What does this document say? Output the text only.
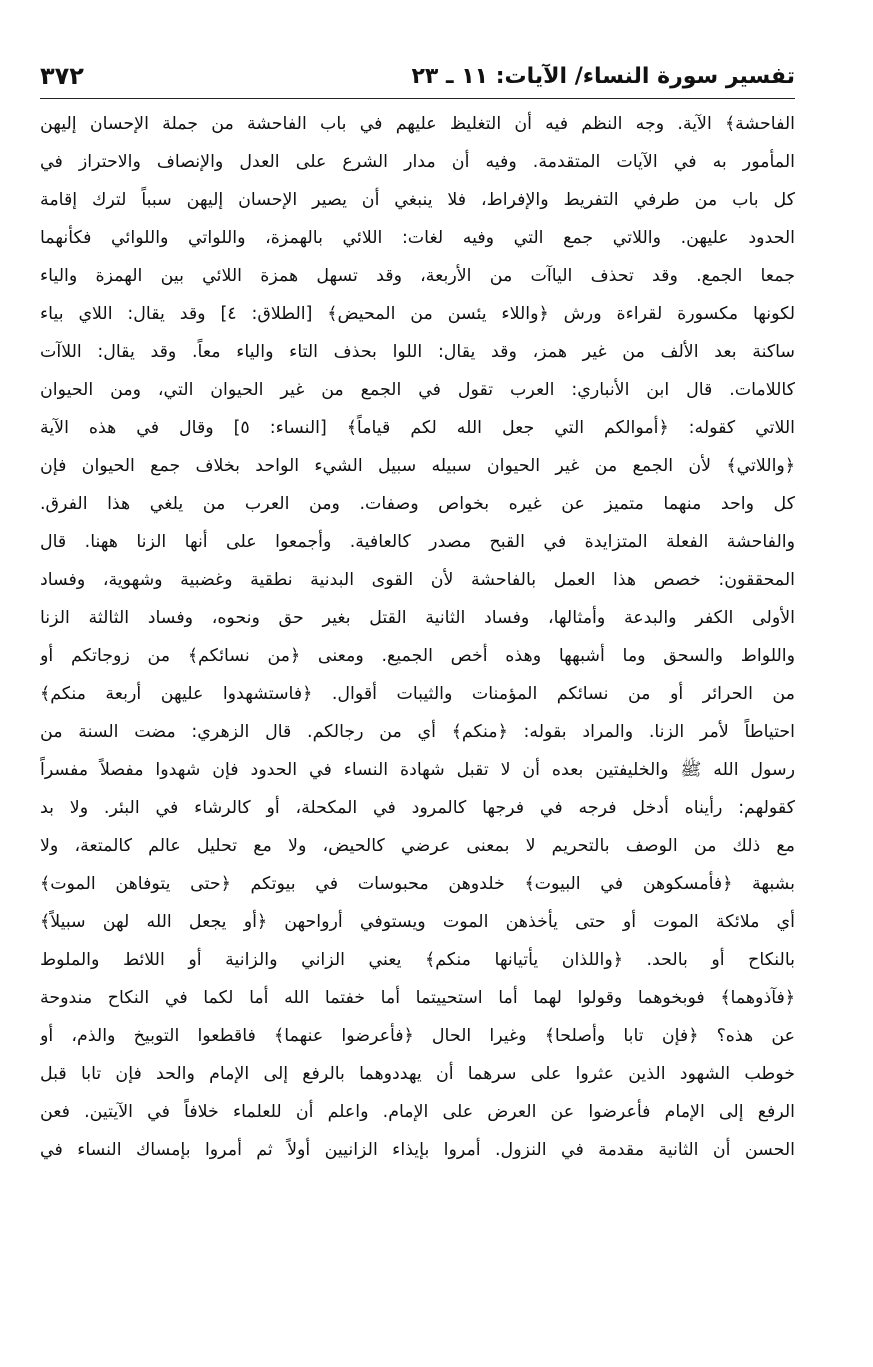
تفسير سورة النساء/ الآيات: ١١ ـ ٢٣
٣٧٢
الفاحشة﴾ الآية. وجه النظم فيه أن التغليظ عليهم في باب الفاحشة من جملة الإحسان إليهن
المأمور به في الآيات المتقدمة. وفيه أن مدار الشرع على العدل والإنصاف والاحتراز في
كل باب من طرفي التفريط والإفراط، فلا ينبغي أن يصير الإحسان إليهن سبباً لترك إقامة
الحدود عليهن. واللاتي جمع التي وفيه لغات: اللائي بالهمزة، واللواتي واللوائي فكأنهما
جمعا الجمع. وقد تحذف الياآت من الأربعة، وقد تسهل همزة اللائي بين الهمزة والياء
لكونها مكسورة لقراءة ورش ﴿واللاء يئسن من المحيض﴾ [الطلاق: ٤] وقد يقال: اللاي بياء
ساكنة بعد الألف من غير همز، وقد يقال: اللوا بحذف التاء والياء معاً. وقد يقال: اللاآت
كاللامات. قال ابن الأنباري: العرب تقول في الجمع من غير الحيوان التي، ومن الحيوان
اللاتي كقوله: ﴿أموالكم التي جعل الله لكم قياماً﴾ [النساء: ٥] وقال في هذه الآية
﴿واللاتي﴾ لأن الجمع من غير الحيوان سبيله سبيل الشيء الواحد بخلاف جمع الحيوان فإن
كل واحد منهما متميز عن غيره بخواص وصفات. ومن العرب من يلغي هذا الفرق.
والفاحشة الفعلة المتزايدة في القبح مصدر كالعافية. وأجمعوا على أنها الزنا ههنا. قال
المحققون: خصص هذا العمل بالفاحشة لأن القوى البدنية نطقية وغضبية وشهوية، وفساد
الأولى الكفر والبدعة وأمثالها، وفساد الثانية القتل بغير حق ونحوه، وفساد الثالثة الزنا
واللواط والسحق وما أشبهها وهذه أخص الجميع. ومعنى ﴿من نسائكم﴾ من زوجاتكم أو
من الحرائر أو من نسائكم المؤمنات والثيبات أقوال. ﴿فاستشهدوا عليهن أربعة منكم﴾
احتياطاً لأمر الزنا. والمراد بقوله: ﴿منكم﴾ أي من رجالكم. قال الزهري: مضت السنة من
رسول الله ﷺ والخليفتين بعده أن لا تقبل شهادة النساء في الحدود فإن شهدوا مفصلاً مفسراً
كقولهم: رأيناه أدخل فرجه في فرجها كالمرود في المكحلة، أو كالرشاء في البئر. ولا بد
مع ذلك من الوصف بالتحريم لا بمعنى عرضي كالحيض، ولا مع تحليل عالم كالمتعة، ولا
بشبهة ﴿فأمسكوهن في البيوت﴾ خلدوهن محبوسات في بيوتكم ﴿حتى يتوفاهن الموت﴾
أي ملائكة الموت أو حتى يأخذهن الموت ويستوفي أرواحهن ﴿أو يجعل الله لهن سبيلاً﴾
بالنكاح أو بالحد. ﴿واللذان يأتيانها منكم﴾ يعني الزاني والزانية أو اللائط والملوط
﴿فآذوهما﴾ فوبخوهما وقولوا لهما أما استحييتما أما خفتما الله أما لكما في النكاح مندوحة
عن هذه؟ ﴿فإن تابا وأصلحا﴾ وغيرا الحال ﴿فأعرضوا عنهما﴾ فاقطعوا التوبيخ والذم، أو
خوطب الشهود الذين عثروا على سرهما أن يهددوهما بالرفع إلى الإمام والحد فإن تابا قبل
الرفع إلى الإمام فأعرضوا عن العرض على الإمام. واعلم أن للعلماء خلافاً في الآيتين. فعن
الحسن أن الثانية مقدمة في النزول. أمروا بإيذاء الزانيين أولاً ثم أمروا بإمساك النساء في
